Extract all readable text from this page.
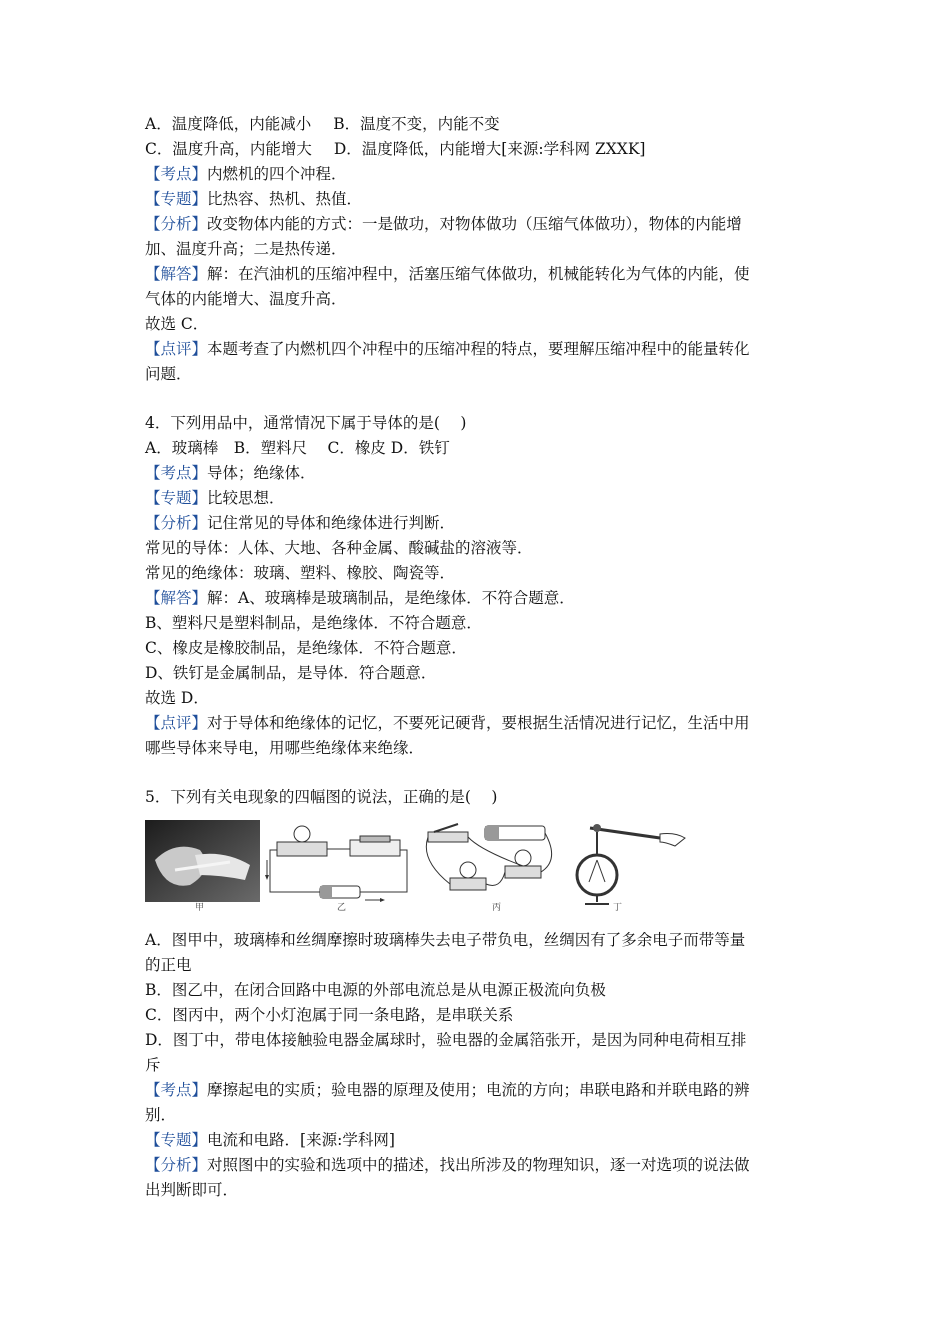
A．温度降低，内能减小 B．温度不变，内能不变
C．温度升高，内能增大 D．温度降低，内能增大[来源:学科网 ZXXK]
【考点】内燃机的四个冲程．
【专题】比热容、热机、热值．
【分析】改变物体内能的方式：一是做功，对物体做功（压缩气体做功），物体的内能增
加、温度升高；二是热传递．
【解答】解：在汽油机的压缩冲程中，活塞压缩气体做功，机械能转化为气体的内能，使
气体的内能增大、温度升高．
故选 C．
【点评】本题考查了内燃机四个冲程中的压缩冲程的特点，要理解压缩冲程中的能量转化
问题．
4．下列用品中，通常情况下属于导体的是(　 )
A．玻璃棒　B．塑料尺　 C．橡皮 D．铁钉
【考点】导体；绝缘体．
【专题】比较思想．
【分析】记住常见的导体和绝缘体进行判断．
常见的导体：人体、大地、各种金属、酸碱盐的溶液等．
常见的绝缘体：玻璃、塑料、橡胶、陶瓷等．
【解答】解：A、玻璃棒是玻璃制品，是绝缘体．不符合题意．
B、塑料尺是塑料制品，是绝缘体．不符合题意．
C、橡皮是橡胶制品，是绝缘体．不符合题意．
D、铁钉是金属制品，是导体．符合题意．
故选 D．
【点评】对于导体和绝缘体的记忆，不要死记硬背，要根据生活情况进行记忆，生活中用
哪些导体来导电，用哪些绝缘体来绝缘．
5．下列有关电现象的四幅图的说法，正确的是(　 )
甲	乙	丙	丁
A．图甲中，玻璃棒和丝绸摩擦时玻璃棒失去电子带负电，丝绸因有了多余电子而带等量
的正电
B．图乙中，在闭合回路中电源的外部电流总是从电源正极流向负极
C．图丙中，两个小灯泡属于同一条电路，是串联关系
D．图丁中，带电体接触验电器金属球时，验电器的金属箔张开，是因为同种电荷相互排
斥
【考点】摩擦起电的实质；验电器的原理及使用；电流的方向；串联电路和并联电路的辨
别．
【专题】电流和电路．[来源:学科网]
【分析】对照图中的实验和选项中的描述，找出所涉及的物理知识，逐一对选项的说法做
出判断即可．
